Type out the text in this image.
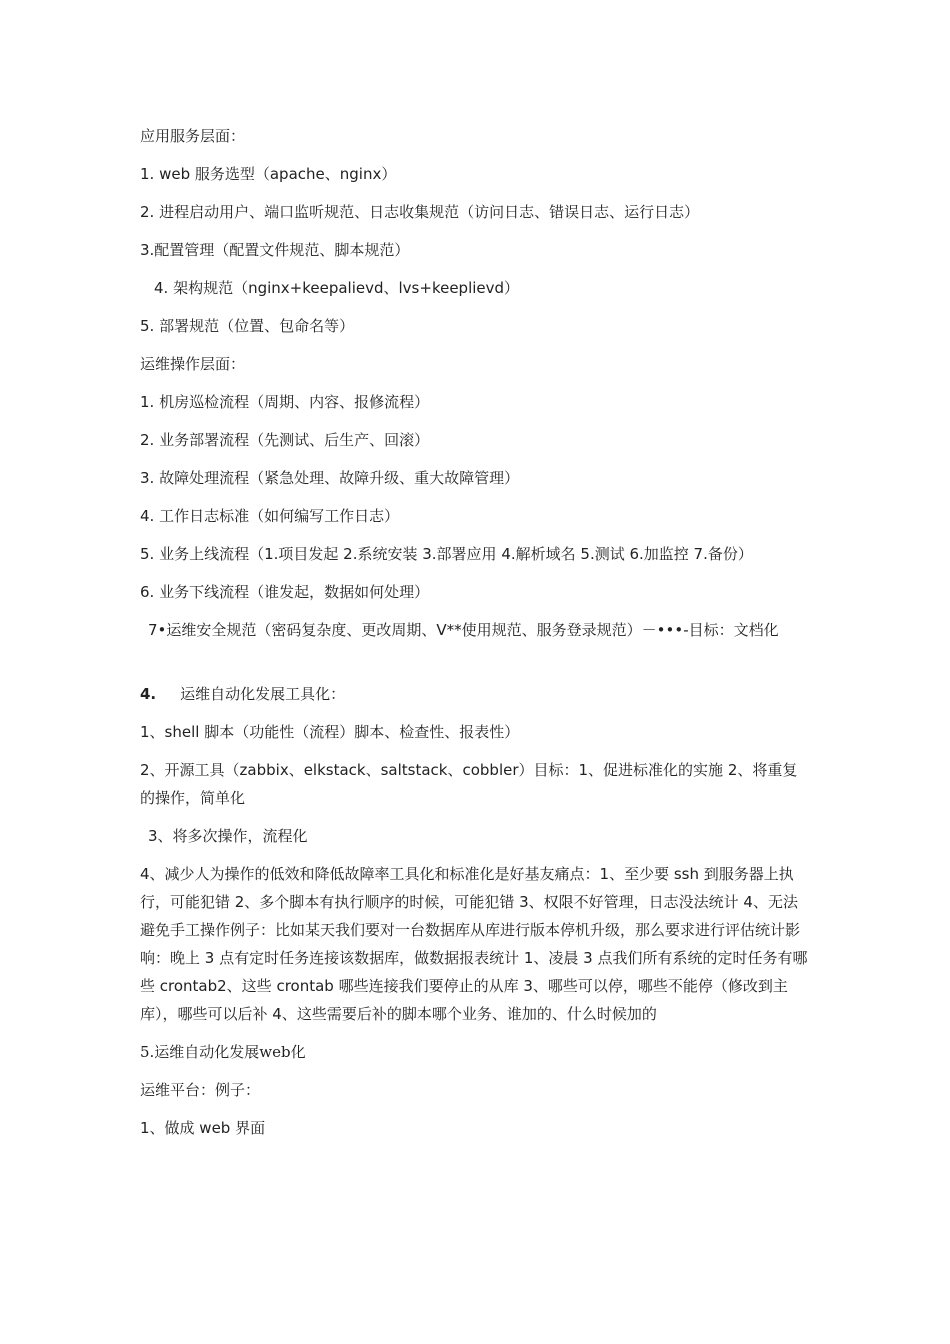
应用服务层面：

1. web 服务选型（apache、nginx）

2. 进程启动用户、端口监听规范、日志收集规范（访问日志、错误日志、运行日志）

3.配置管理（配置文件规范、脚本规范）

4. 架构规范（nginx+keepalievd、lvs+keeplievd）

5. 部署规范（位置、包命名等）

运维操作层面：

1. 机房巡检流程（周期、内容、报修流程）

2. 业务部署流程（先测试、后生产、回滚）

3. 故障处理流程（紧急处理、故障升级、重大故障管理）

4. 工作日志标准（如何编写工作日志）

5. 业务上线流程（1.项目发起 2.系统安装 3.部署应用 4.解析域名 5.测试 6.加监控 7.备份）

6. 业务下线流程（谁发起，数据如何处理）

7•运维安全规范（密码复杂度、更改周期、V**使用规范、服务登录规范）－•••-目标：文档化

4. 运维自动化发展工具化：

1、shell 脚本（功能性（流程）脚本、检查性、报表性）

2、开源工具（zabbix、elkstack、saltstack、cobbler）目标：1、促进标准化的实施 2、将重复的操作，简单化

3、将多次操作，流程化

4、减少人为操作的低效和降低故障率工具化和标准化是好基友痛点：1、至少要 ssh 到服务器上执行，可能犯错 2、多个脚本有执行顺序的时候，可能犯错 3、权限不好管理，日志没法统计 4、无法避免手工操作例子：比如某天我们要对一台数据库从库进行版本停机升级，那么要求进行评估统计影响：晚上 3 点有定时任务连接该数据库，做数据报表统计 1、凌晨 3 点我们所有系统的定时任务有哪些 crontab2、这些 crontab 哪些连接我们要停止的从库 3、哪些可以停，哪些不能停（修改到主库），哪些可以后补 4、这些需要后补的脚本哪个业务、谁加的、什么时候加的

5.运维自动化发展web化

运维平台：例子：

1、做成 web 界面
